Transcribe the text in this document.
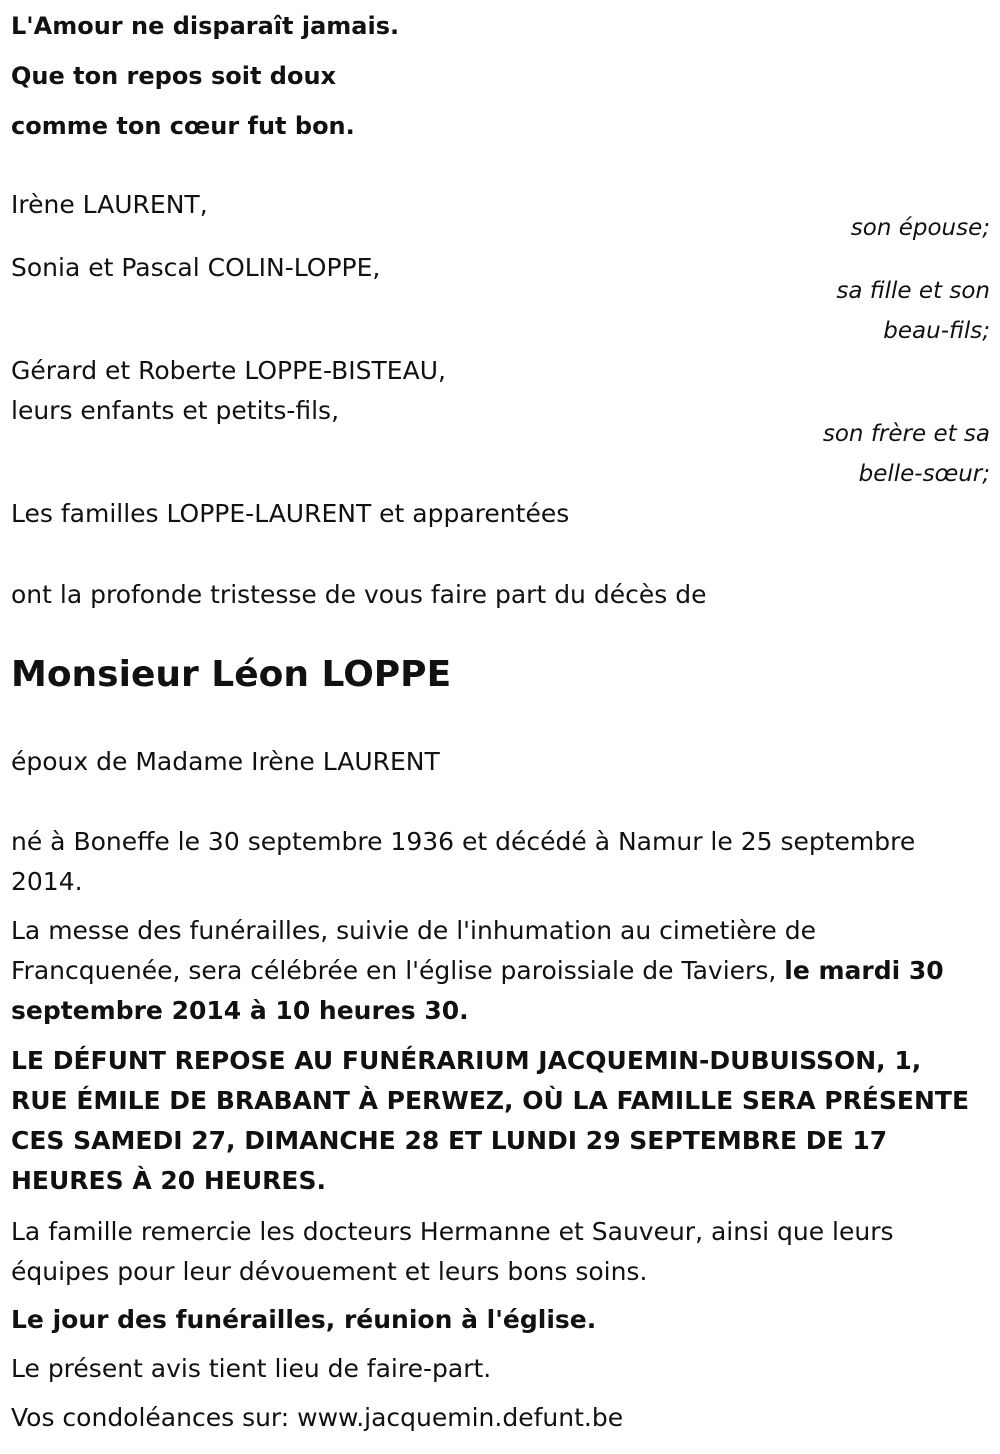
L'Amour ne disparaît jamais.

Que ton repos soit doux

comme ton cœur fut bon.

Irène LAURENT,

son épouse;

Sonia et Pascal COLIN-LOPPE,

sa fille et son

beau-fils;

Gérard et Roberte LOPPE-BISTEAU,

leurs enfants et petits-fils,

son frère et sa

belle-sœur;

Les familles LOPPE-LAURENT et apparentées

ont la profonde tristesse de vous faire part du décès de

Monsieur Léon LOPPE

époux de Madame Irène LAURENT

né à Boneffe le 30 septembre 1936 et décédé à Namur le 25 septembre 2014.

La messe des funérailles, suivie de l'inhumation au cimetière de Francquenée, sera célébrée en l'église paroissiale de Taviers, le mardi 30 septembre 2014 à 10 heures 30.

LE DÉFUNT REPOSE AU FUNÉRARIUM JACQUEMIN-DUBUISSON, 1, RUE ÉMILE DE BRABANT À PERWEZ, OÙ LA FAMILLE SERA PRÉSENTE CES SAMEDI 27, DIMANCHE 28 ET LUNDI 29 SEPTEMBRE DE 17 HEURES À 20 HEURES.

La famille remercie les docteurs Hermanne et Sauveur, ainsi que leurs équipes pour leur dévouement et leurs bons soins.

Le jour des funérailles, réunion à l'église.

Le présent avis tient lieu de faire-part.

Vos condoléances sur: www.jacquemin.defunt.be
